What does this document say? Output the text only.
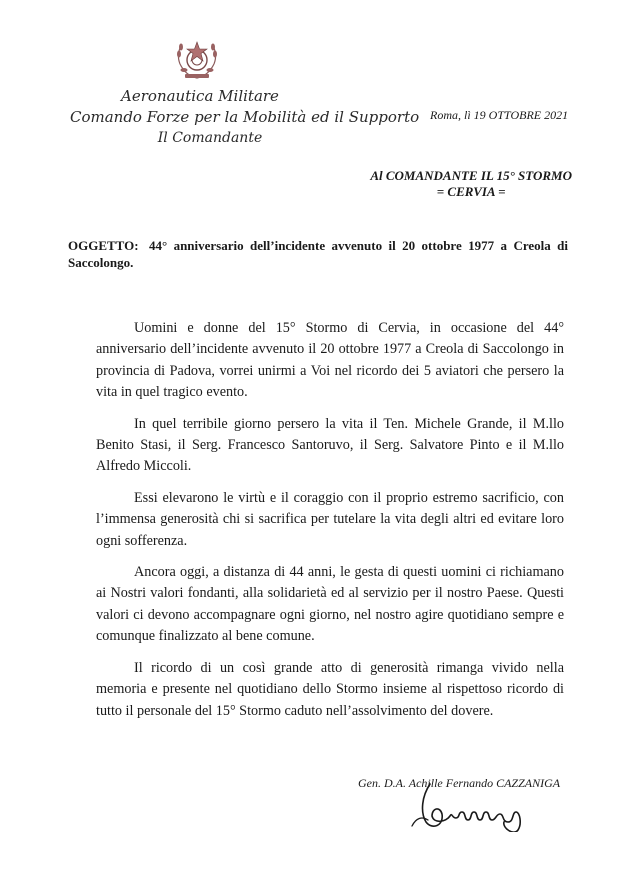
Aeronautica Militare
Comando Forze per la Mobilità ed il Supporto
Il Comandante
Roma, lì 19 OTTOBRE 2021
Al COMANDANTE IL 15° STORMO
= CERVIA =
OGGETTO: 44° anniversario dell’incidente avvenuto il 20 ottobre 1977 a Creola di Saccolongo.

Uomini e donne del 15° Stormo di Cervia, in occasione del 44° anniversario dell’incidente avvenuto il 20 ottobre 1977 a Creola di Saccolongo in provincia di Padova, vorrei unirmi a Voi nel ricordo dei 5 aviatori che persero la vita in quel tragico evento.

In quel terribile giorno persero la vita il Ten. Michele Grande, il M.llo Benito Stasi, il Serg. Francesco Santoruvo, il Serg. Salvatore Pinto e il M.llo Alfredo Miccoli.

Essi elevarono le virtù e il coraggio con il proprio estremo sacrificio, con l’immensa generosità chi si sacrifica per tutelare la vita degli altri ed evitare loro ogni sofferenza.

Ancora oggi, a distanza di 44 anni, le gesta di questi uomini ci richiamano ai Nostri valori fondanti, alla solidarietà ed al servizio per il nostro Paese. Questi valori ci devono accompagnare ogni giorno, nel nostro agire quotidiano sempre e comunque finalizzato al bene comune.

Il ricordo di un così grande atto di generosità rimanga vivido nella memoria e presente nel quotidiano dello Stormo insieme al rispettoso ricordo di tutto il personale del 15° Stormo caduto nell’assolvimento del dovere.

Gen. D.A. Achille Fernando CAZZANIGA
